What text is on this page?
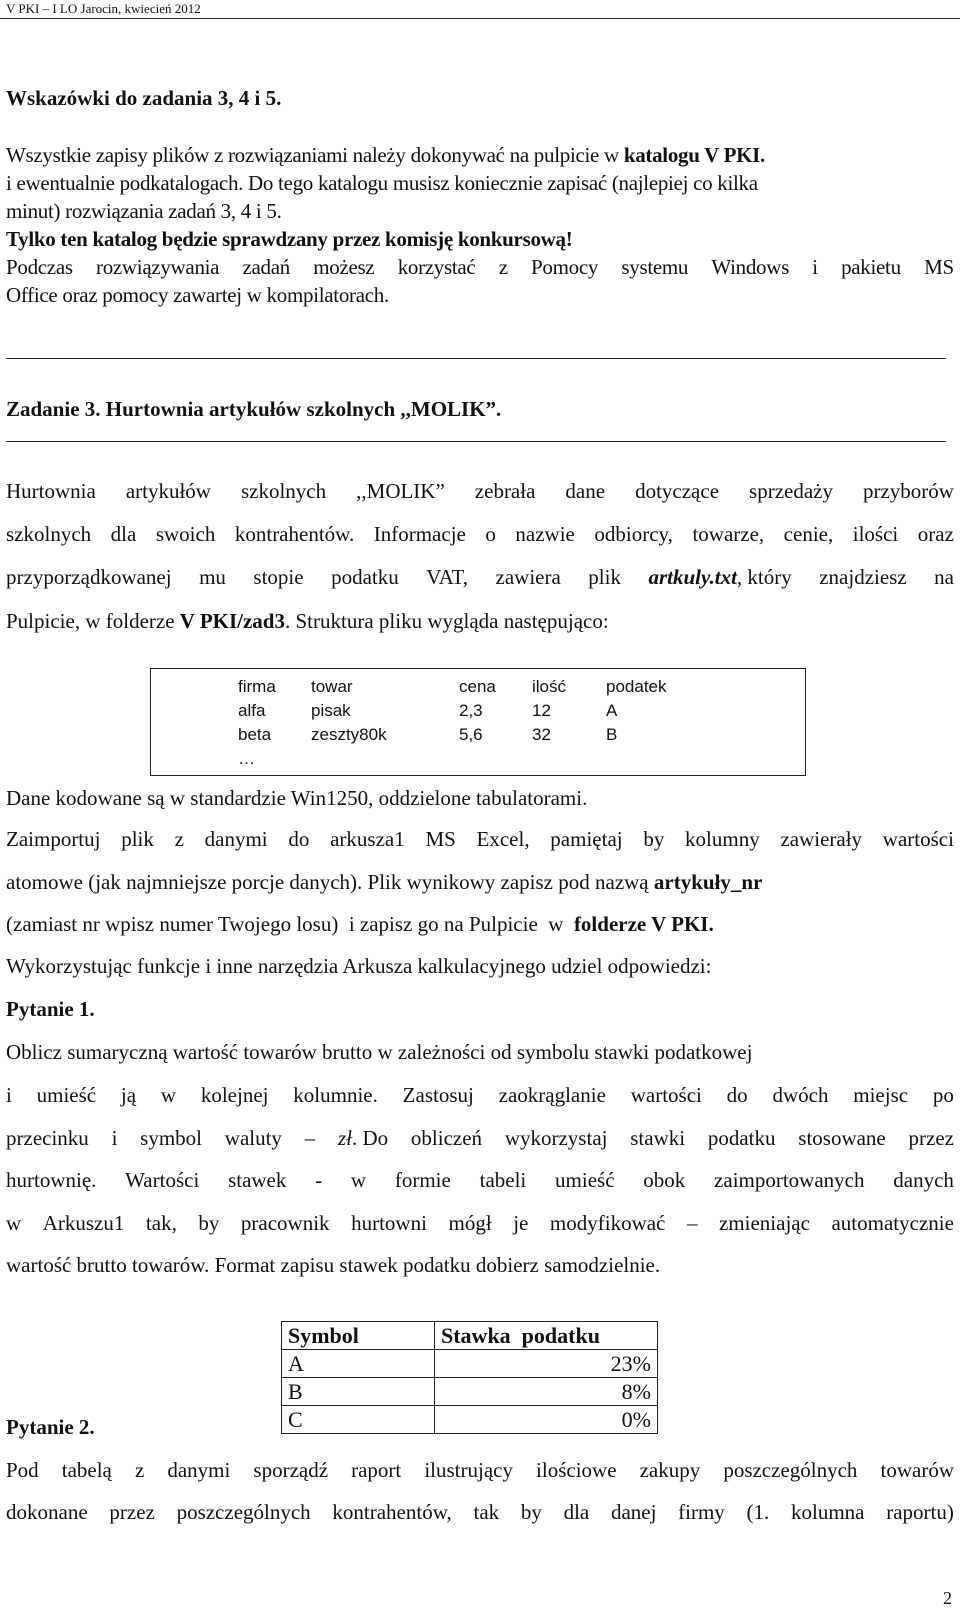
V PKI – I LO Jarocin, kwiecień 2012
Wskazówki do zadania 3, 4 i 5.
Wszystkie zapisy plików z rozwiązaniami należy dokonywać na pulpicie w katalogu V PKI.
i ewentualnie podkatalogach. Do tego katalogu musisz koniecznie zapisać (najlepiej co kilka
minut) rozwiązania zadań 3, 4 i 5.
Tylko ten katalog będzie sprawdzany przez komisję konkursową!
Podczas rozwiązywania zadań możesz korzystać z Pomocy systemu Windows i pakietu MS
Office oraz pomocy zawartej w kompilatorach.
Zadanie 3. Hurtownia artykułów szkolnych ,,MOLIK”.
Hurtownia artykułów szkolnych ,,MOLIK” zebrała dane dotyczące sprzedaży przyborów
szkolnych dla swoich kontrahentów. Informacje o nazwie odbiorcy, towarze, cenie, ilości oraz
przyporządkowanej mu stopie podatku VAT, zawiera plik artkuly.txt, który znajdziesz na
Pulpicie, w folderze V PKI/zad3. Struktura pliku wygląda następująco:
firma	towar	cena	ilość	podatek
alfa	pisak	2,3	12	A
beta	zeszty80k	5,6	32	B
…
Dane kodowane są w standardzie Win1250, oddzielone tabulatorami.
Zaimportuj plik z danymi do arkusza1 MS Excel, pamiętaj by kolumny zawierały wartości
atomowe (jak najmniejsze porcje danych). Plik wynikowy zapisz pod nazwą artykuły_nr
(zamiast nr wpisz numer Twojego losu)  i zapisz go na Pulpicie  w  folderze V PKI.
Wykorzystując funkcje i inne narzędzia Arkusza kalkulacyjnego udziel odpowiedzi:
Pytanie 1.
Oblicz sumaryczną wartość towarów brutto w zależności od symbolu stawki podatkowej
i umieść ją w kolejnej kolumnie. Zastosuj zaokrąglanie wartości do dwóch miejsc po
przecinku i symbol waluty – zł. Do obliczeń wykorzystaj stawki podatku stosowane przez
hurtownię. Wartości stawek - w formie tabeli umieść obok zaimportowanych danych
w Arkuszu1 tak, by pracownik hurtowni mógł je modyfikować – zmieniając automatycznie
wartość brutto towarów. Format zapisu stawek podatku dobierz samodzielnie.
Symbol	Stawka  podatku
A	23%
B	8%
C	0%
Pytanie 2.
Pod tabelą z danymi sporządź raport ilustrujący ilościowe zakupy poszczególnych towarów
dokonane przez poszczególnych kontrahentów, tak by dla danej firmy (1. kolumna raportu)
2
